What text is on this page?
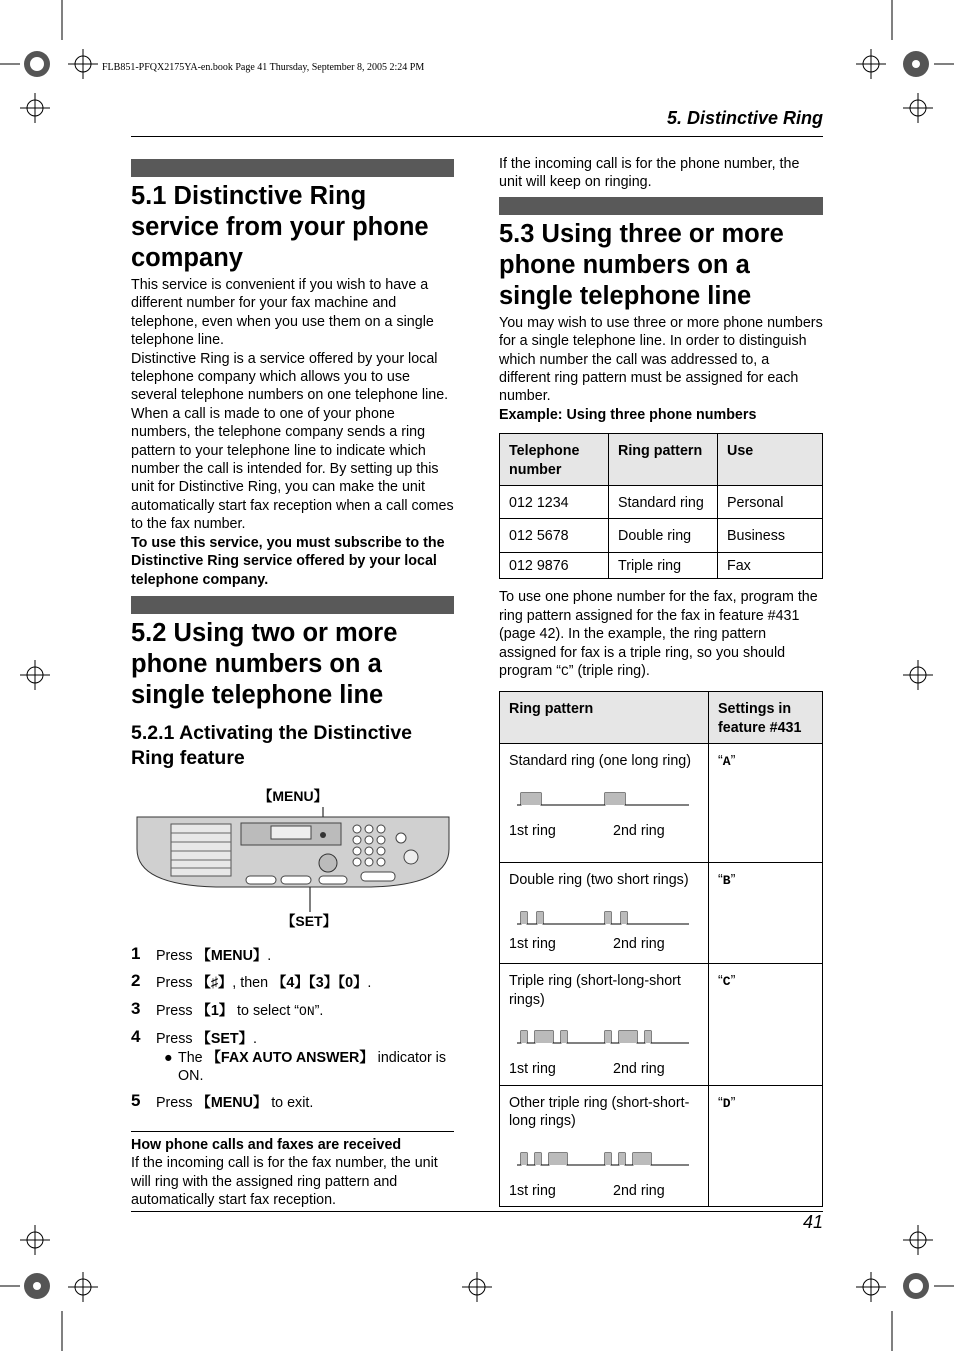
FLB851-PFQX2175YA-en.book Page 41 Thursday, September 8, 2005 2:24 PM
5. Distinctive Ring
5.1 Distinctive Ring service from your phone company

This service is convenient if you wish to have a different number for your fax machine and telephone, even when you use them on a single telephone line.

Distinctive Ring is a service offered by your local telephone company which allows you to use several telephone numbers on one telephone line. When a call is made to one of your phone numbers, the telephone company sends a ring pattern to your telephone line to indicate which number the call is intended for. By setting up this unit for Distinctive Ring, you can make the unit automatically start fax reception when a call comes to the fax number.

To use this service, you must subscribe to the Distinctive Ring service offered by your local telephone company.

5.2 Using two or more phone numbers on a single telephone line
5.2.1 Activating the Distinctive Ring feature
【MENU】
【SET】
1 Press 【MENU】.
2 Press 【♯】, then 【4】【3】【0】.
3 Press 【1】 to select “ON”.
4 Press 【SET】.
● The 【FAX AUTO ANSWER】 indicator is ON.
5 Press 【MENU】 to exit.
How phone calls and faxes are received

If the incoming call is for the fax number, the unit will ring with the assigned ring pattern and automatically start fax reception.

If the incoming call is for the phone number, the unit will keep on ringing.

5.3 Using three or more phone numbers on a single telephone line

You may wish to use three or more phone numbers for a single telephone line. In order to distinguish which number the call was addressed to, a different ring pattern must be assigned for each number.

Example: Using three phone numbers

Telephone number	Ring pattern	Use
012 1234	Standard ring	Personal
012 5678	Double ring	Business
012 9876	Triple ring	Fax

To use one phone number for the fax, program the ring pattern assigned for the fax in feature #431 (page 42). In the example, the ring pattern assigned for fax is a triple ring, so you should program “C” (triple ring).

Ring pattern	Settings in feature #431

Standard ring (one long ring)
1st ring 2nd ring	“A”

Double ring (two short rings)
1st ring 2nd ring	“B”

Triple ring (short-long-short rings)
1st ring 2nd ring	“C”

Other triple ring (short-short-long rings)
1st ring 2nd ring	“D”
41
